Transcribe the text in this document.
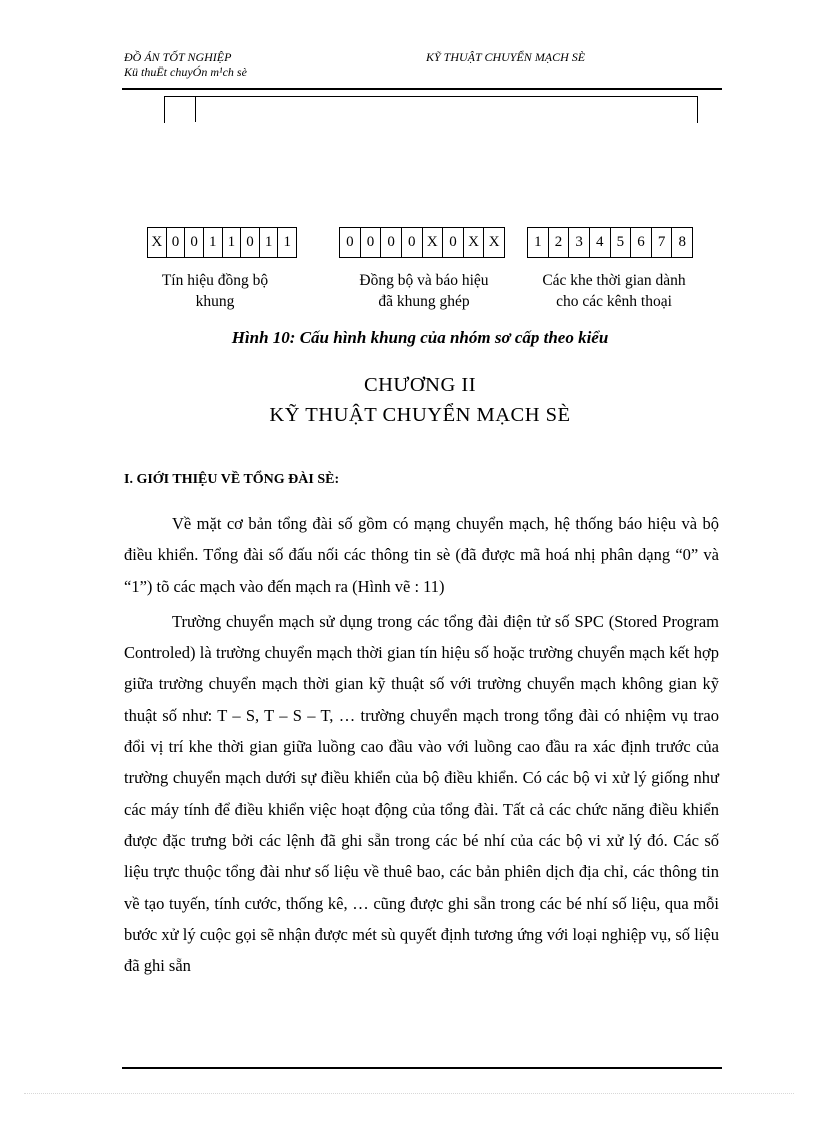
ĐỒ ÁN TỐT NGHIỆP
Kü thuËt chuyÓn m¹ch sè
KỸ THUẬT CHUYỂN MẠCH SÈ
X 0 0 1 1 0 1 1	0 0 0 0 X 0 X X	1 2 3 4 5 6 7 8
Tín hiệu đồng bộ
khung
Đồng bộ và báo hiệu
đã khung ghép
Các khe thời gian dành
cho các kênh thoại
Hình 10: Cấu hình khung của nhóm sơ cấp theo kiểu
CHƯƠNG II
KỸ THUẬT CHUYỂN MẠCH SÈ
I. GIỚI THIỆU VỀ TỔNG ĐÀI SÈ:

Về mặt cơ bản tổng đài số gồm có mạng chuyển mạch, hệ thống báo hiệu và bộ điều khiển. Tổng đài số đấu nối các thông tin sè (đã được mã hoá nhị phân dạng “0” và “1”) tõ các mạch vào đến mạch ra (Hình vẽ : 11)

Trường chuyển mạch sử dụng trong các tổng đài điện tử số SPC (Stored Program Controled) là trường chuyển mạch thời gian tín hiệu số hoặc trường chuyển mạch kết hợp giữa trường chuyển mạch thời gian kỹ thuật số với trường chuyển mạch không gian kỹ thuật số như: T – S, T – S – T, … trường chuyển mạch trong tổng đài có nhiệm vụ trao đổi vị trí khe thời gian giữa luồng cao đầu vào với luồng cao đầu ra xác định trước của trường chuyển mạch dưới sự điều khiển của bộ điều khiển. Có các bộ vi xử lý giống như các máy tính để điều khiển việc hoạt động của tổng đài. Tất cả các chức năng điều khiển được đặc trưng bởi các lệnh đã ghi sẵn trong các bé nhí của các bộ vi xử lý đó. Các số liệu trực thuộc tổng đài như số liệu về thuê bao, các bản phiên dịch địa chỉ, các thông tin về tạo tuyến, tính cước, thống kê, … cũng được ghi sẵn trong các bé nhí số liệu, qua mỗi bước xử lý cuộc gọi sẽ nhận được mét sù quyết định tương ứng với loại nghiệp vụ, số liệu đã ghi sẵn
